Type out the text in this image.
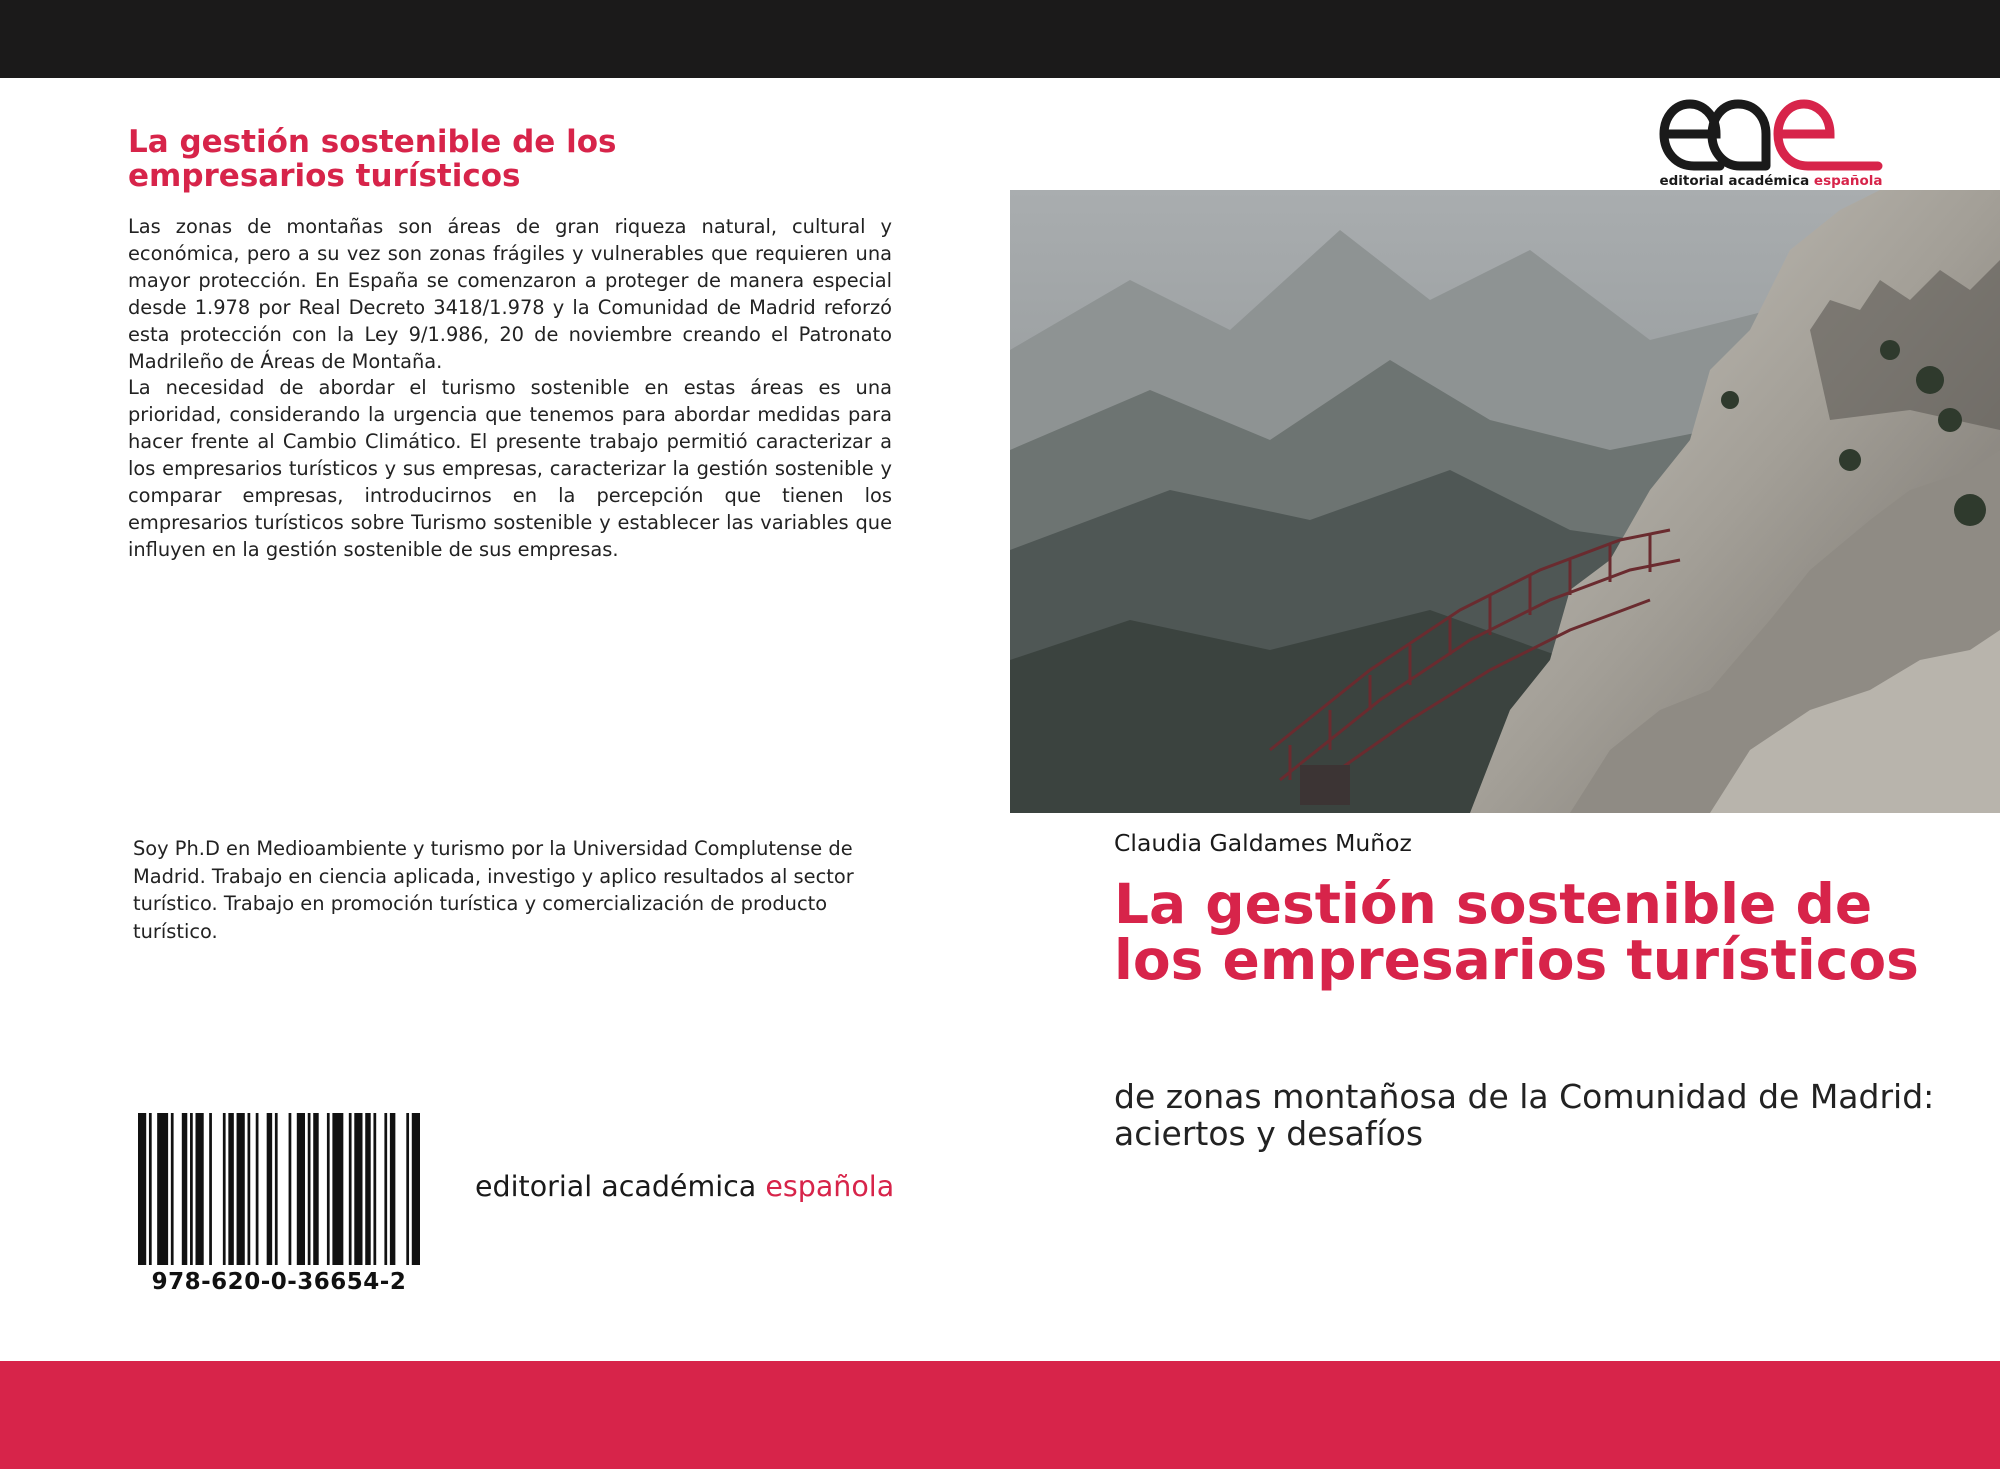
La gestión sostenible de los empresarios turísticos

Las zonas de montañas son áreas de gran riqueza natural, cultural y económica, pero a su vez son zonas frágiles y vulnerables que requieren una mayor protección. En España se comenzaron a proteger de manera especial desde 1.978 por Real Decreto 3418/1.978 y la Comunidad de Madrid reforzó esta protección con la Ley 9/1.986, 20 de noviembre creando el Patronato Madrileño de Áreas de Montaña.

La necesidad de abordar el turismo sostenible en estas áreas es una prioridad, considerando la urgencia que tenemos para abordar medidas para hacer frente al Cambio Climático. El presente trabajo permitió caracterizar a los empresarios turísticos y sus empresas, caracterizar la gestión sostenible y comparar empresas, introducirnos en la percepción que tienen los empresarios turísticos sobre Turismo sostenible y establecer las variables que influyen en la gestión sostenible de sus empresas.

Soy Ph.D en Medioambiente y turismo por la Universidad Complutense de Madrid. Trabajo en ciencia aplicada, investigo y aplico resultados al sector turístico. Trabajo en promoción turística y comercialización de producto turístico.

978-620-0-36654-2
editorial académica española
editorial académica española
Claudia Galdames Muñoz
La gestión sostenible de los empresarios turísticos

de zonas montañosa de la Comunidad de Madrid: aciertos y desafíos
